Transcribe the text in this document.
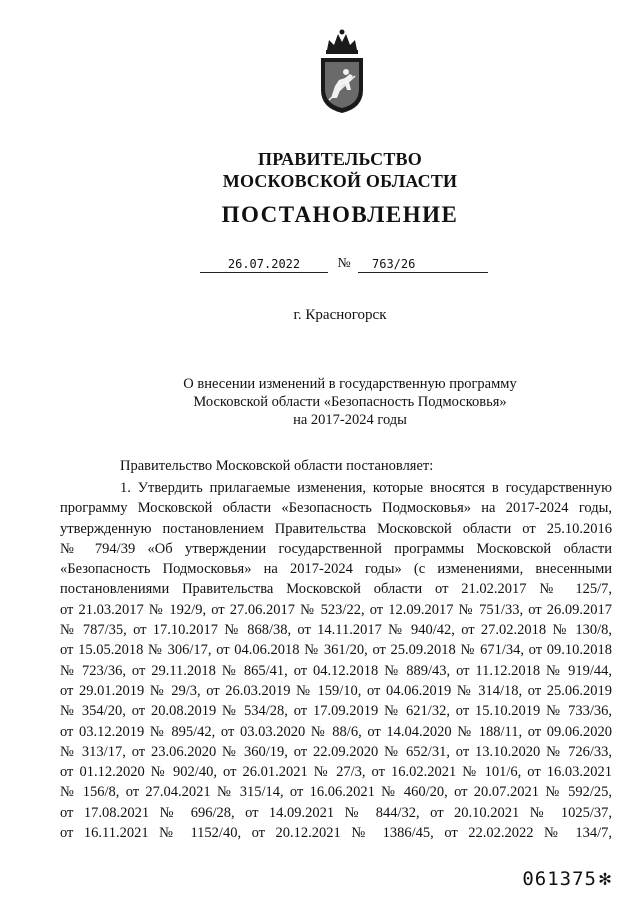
ПРАВИТЕЛЬСТВО
МОСКОВСКОЙ ОБЛАСТИ
ПОСТАНОВЛЕНИЕ
26.07.2022	№	763/26
г. Красногорск
О внесении изменений в государственную программу
Московской области «Безопасность Подмосковья»
на 2017-2024 годы
Правительство Московской области постановляет:
1. Утвердить прилагаемые изменения, которые вносятся в государственную
программу Московской области «Безопасность Подмосковья» на 2017-2024 годы,
утвержденную постановлением Правительства Московской области от 25.10.2016
№ 794/39 «Об утверждении государственной программы Московской области
«Безопасность Подмосковья» на 2017-2024 годы» (с изменениями, внесенными
постановлениями Правительства Московской области от 21.02.2017 № 125/7,
от 21.03.2017 № 192/9, от 27.06.2017 № 523/22, от 12.09.2017 № 751/33, от 26.09.2017
№ 787/35, от 17.10.2017 № 868/38, от 14.11.2017 № 940/42, от 27.02.2018 № 130/8,
от 15.05.2018 № 306/17, от 04.06.2018 № 361/20, от 25.09.2018 № 671/34, от 09.10.2018
№ 723/36, от 29.11.2018 № 865/41, от 04.12.2018 № 889/43, от 11.12.2018 № 919/44,
от 29.01.2019 № 29/3, от 26.03.2019 № 159/10, от 04.06.2019 № 314/18, от 25.06.2019
№ 354/20, от 20.08.2019 № 534/28, от 17.09.2019 № 621/32, от 15.10.2019 № 733/36,
от 03.12.2019 № 895/42, от 03.03.2020 № 88/6, от 14.04.2020 № 188/11, от 09.06.2020
№ 313/17, от 23.06.2020 № 360/19, от 22.09.2020 № 652/31, от 13.10.2020 № 726/33,
от 01.12.2020 № 902/40, от 26.01.2021 № 27/3, от 16.02.2021 № 101/6, от 16.03.2021
№ 156/8, от 27.04.2021 № 315/14, от 16.06.2021 № 460/20, от 20.07.2021 № 592/25,
от 17.08.2021 № 696/28, от 14.09.2021 № 844/32, от 20.10.2021 № 1025/37,
от 16.11.2021 № 1152/40, от 20.12.2021 № 1386/45, от 22.02.2022 № 134/7,
061375 ✻
